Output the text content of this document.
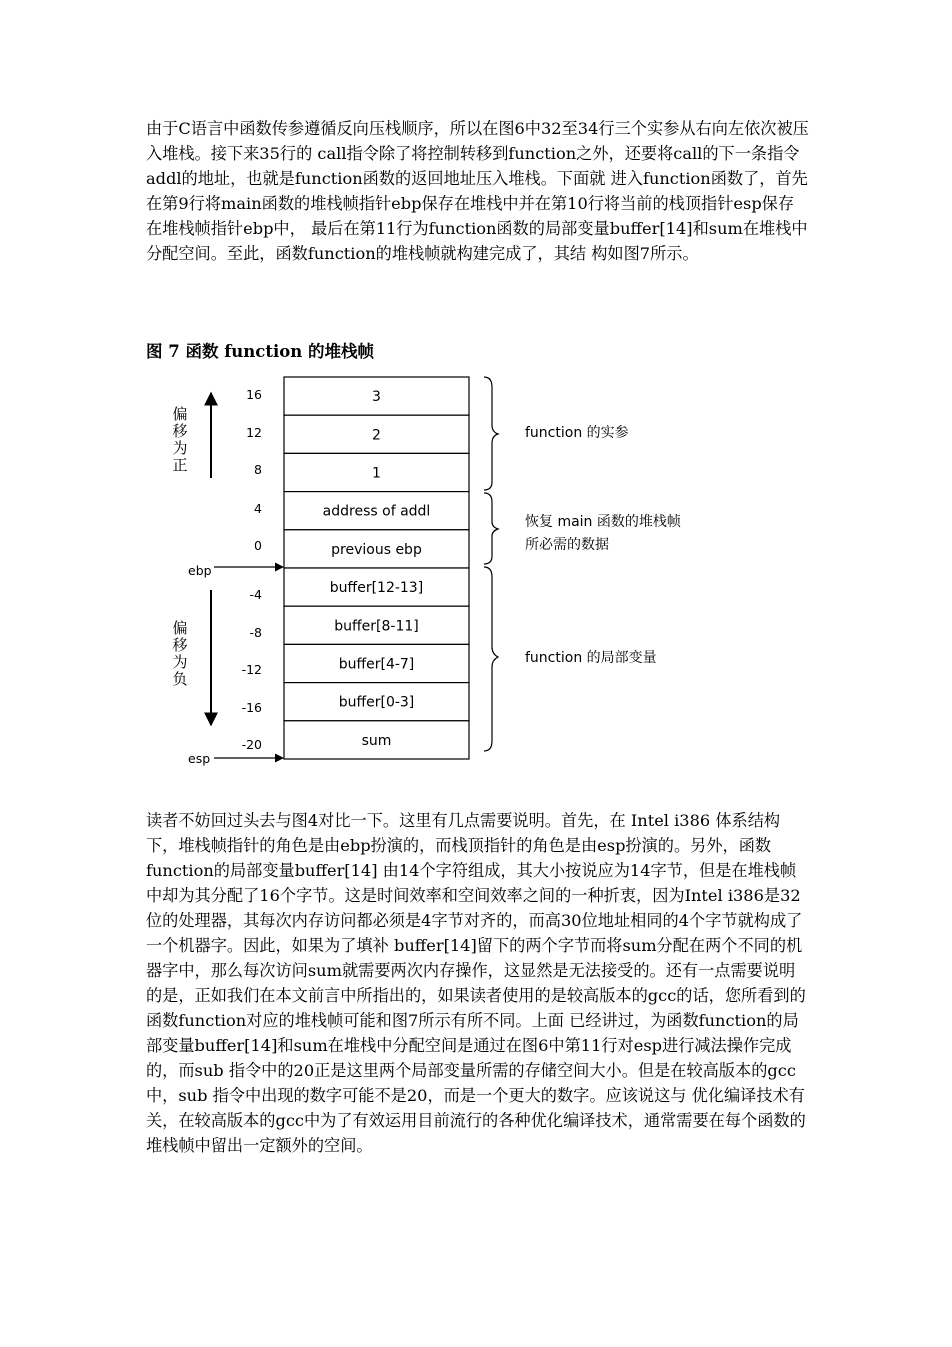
由于C语言中函数传参遵循反向压栈顺序，所以在图6中32至34行三个实参从右向左依次被压入堆栈。接下来35行的 call指令除了将控制转移到function之外，还要将call的下一条指令addl的地址，也就是function函数的返回地址压入堆栈。下面就 进入function函数了，首先在第9行将main函数的堆栈帧指针ebp保存在堆栈中并在第10行将当前的栈顶指针esp保存在堆栈帧指针ebp中， 最后在第11行为function函数的局部变量buffer[14]和sum在堆栈中分配空间。至此，函数function的堆栈帧就构建完成了，其结 构如图7所示。

图 7 函数 function 的堆栈帧

3
2
1
address of addl
previous ebp
buffer[12-13]
buffer[8-11]
buffer[4-7]
buffer[0-3]
sum
16
12
8
4
0
-4
-8
-12
-16
-20
偏
移
为
正
偏
移
为
负
ebp
esp
function 的实参
恢复 main 函数的堆栈帧
所必需的数据
function 的局部变量

读者不妨回过头去与图4对比一下。这里有几点需要说明。首先，在 Intel i386 体系结构下，堆栈帧指针的角色是由ebp扮演的，而栈顶指针的角色是由esp扮演的。另外，函数function的局部变量buffer[14] 由14个字符组成，其大小按说应为14字节，但是在堆栈帧中却为其分配了16个字节。这是时间效率和空间效率之间的一种折衷，因为Intel i386是32位的处理器，其每次内存访问都必须是4字节对齐的，而高30位地址相同的4个字节就构成了一个机器字。因此，如果为了填补 buffer[14]留下的两个字节而将sum分配在两个不同的机器字中，那么每次访问sum就需要两次内存操作，这显然是无法接受的。还有一点需要说明 的是，正如我们在本文前言中所指出的，如果读者使用的是较高版本的gcc的话，您所看到的函数function对应的堆栈帧可能和图7所示有所不同。上面 已经讲过，为函数function的局部变量buffer[14]和sum在堆栈中分配空间是通过在图6中第11行对esp进行减法操作完成的，而sub 指令中的20正是这里两个局部变量所需的存储空间大小。但是在较高版本的gcc中，sub 指令中出现的数字可能不是20，而是一个更大的数字。应该说这与 优化编译技术有关，在较高版本的gcc中为了有效运用目前流行的各种优化编译技术，通常需要在每个函数的堆栈帧中留出一定额外的空间。
